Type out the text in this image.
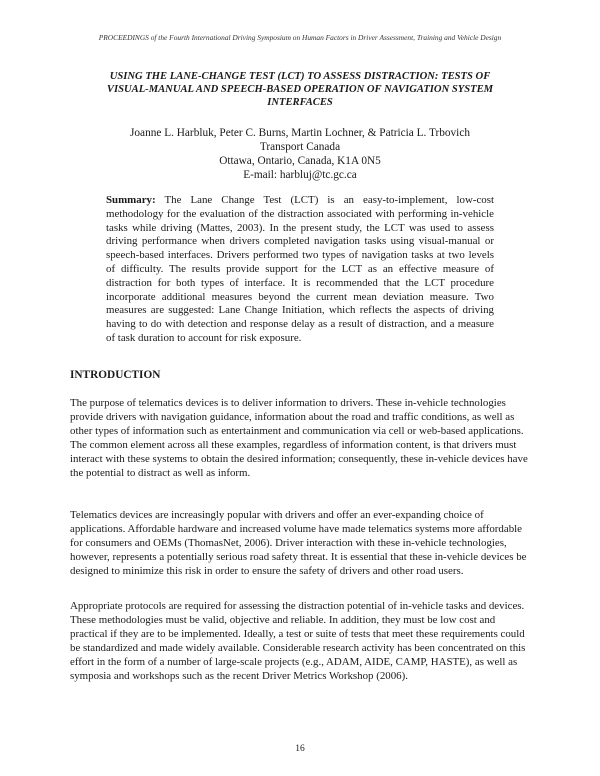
PROCEEDINGS of the Fourth International Driving Symposium on Human Factors in Driver Assessment, Training and Vehicle Design
USING THE LANE-CHANGE TEST (LCT) TO ASSESS DISTRACTION: TESTS OF VISUAL-MANUAL AND SPEECH-BASED OPERATION OF NAVIGATION SYSTEM INTERFACES
Joanne L. Harbluk, Peter C. Burns, Martin Lochner, & Patricia L. Trbovich
Transport Canada
Ottawa, Ontario, Canada, K1A 0N5
E-mail: harbluj@tc.gc.ca

Summary: The Lane Change Test (LCT) is an easy-to-implement, low-cost methodology for the evaluation of the distraction associated with performing in-vehicle tasks while driving (Mattes, 2003). In the present study, the LCT was used to assess driving performance when drivers completed navigation tasks using visual-manual or speech-based interfaces. Drivers performed two types of navigation tasks at two levels of difficulty. The results provide support for the LCT as an effective measure of distraction for both types of interface. It is recommended that the LCT procedure incorporate additional measures beyond the current mean deviation measure. Two measures are suggested: Lane Change Initiation, which reflects the aspects of driving having to do with detection and response delay as a result of distraction, and a measure of task duration to account for risk exposure.

INTRODUCTION

The purpose of telematics devices is to deliver information to drivers. These in-vehicle technologies provide drivers with navigation guidance, information about the road and traffic conditions, as well as other types of information such as entertainment and communication via cell or web-based applications. The common element across all these examples, regardless of information content, is that drivers must interact with these systems to obtain the desired information; consequently, these in-vehicle devices have the potential to distract as well as inform.

Telematics devices are increasingly popular with drivers and offer an ever-expanding choice of applications. Affordable hardware and increased volume have made telematics systems more affordable for consumers and OEMs (ThomasNet, 2006). Driver interaction with these in-vehicle technologies, however, represents a potentially serious road safety threat. It is essential that these in-vehicle devices be designed to minimize this risk in order to ensure the safety of drivers and other road users.

Appropriate protocols are required for assessing the distraction potential of in-vehicle tasks and devices. These methodologies must be valid, objective and reliable. In addition, they must be low cost and practical if they are to be implemented. Ideally, a test or suite of tests that meet these requirements could be standardized and made widely available. Considerable research activity has been concentrated on this effort in the form of a number of large-scale projects (e.g., ADAM, AIDE, CAMP, HASTE), as well as symposia and workshops such as the recent Driver Metrics Workshop (2006).

16
